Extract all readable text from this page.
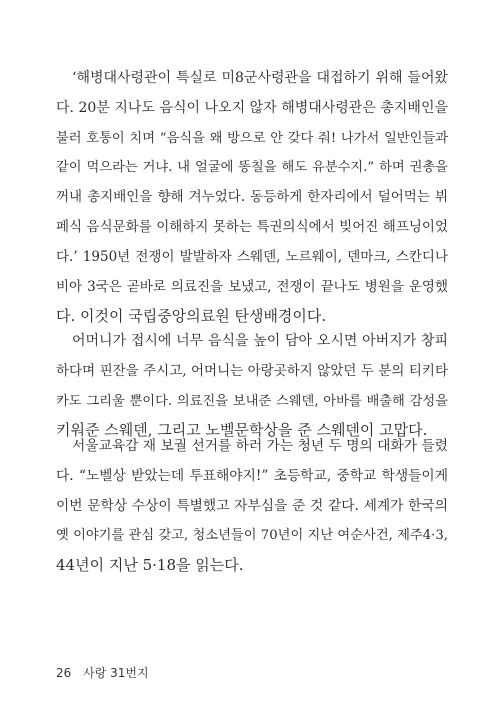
‘해병대사령관이 특실로 미8군사령관을 대접하기 위해 들어왔
다. 20분 지나도 음식이 나오지 않자 해병대사령관은 총지배인을
불러 호통이 치며 “음식을 왜 방으로 안 갖다 줘! 나가서 일반인들과
같이 먹으라는 거냐. 내 얼굴에 똥칠을 해도 유분수지.” 하며 권총을
꺼내 총지배인을 향해 겨누었다. 동등하게 한자리에서 덜어먹는 뷔
페식 음식문화를 이해하지 못하는 특권의식에서 빚어진 해프닝이었
다.’ 1950년 전쟁이 발발하자 스웨덴, 노르웨이, 덴마크, 스칸디나
비아 3국은 곧바로 의료진을 보냈고, 전쟁이 끝나도 병원을 운영했
다. 이것이 국립중앙의료원 탄생배경이다.
어머니가 접시에 너무 음식을 높이 담아 오시면 아버지가 창피
하다며 핀잔을 주시고, 어머니는 아랑곳하지 않았던 두 분의 티키타
카도 그리울 뿐이다. 의료진을 보내준 스웨덴, 아바를 배출해 감성을
키워준 스웨덴, 그리고 노벨문학상을 준 스웨덴이 고맙다.
서울교육감 재 보궐 선거를 하러 가는 청년 두 명의 대화가 들렸
다. “노벨상 받았는데 투표해야지!” 초등학교, 중학교 학생들이게
이번 문학상 수상이 특별했고 자부심을 준 것 같다. 세계가 한국의
옛 이야기를 관심 갖고, 청소년들이 70년이 지난 여순사건, 제주4·3,
44년이 지난 5·18을 읽는다.
26 사랑 31번지
